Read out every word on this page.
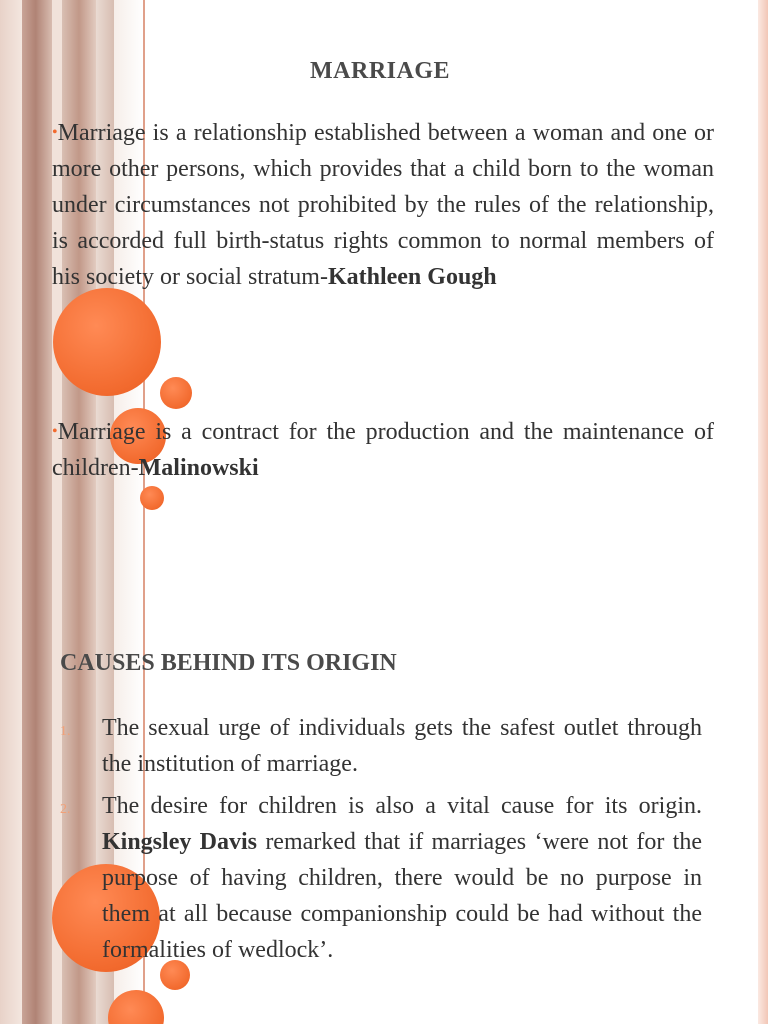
MARRIAGE

•Marriage is a relationship established between a woman and one or more other persons, which provides that a child born to the woman under circumstances not prohibited by the rules of the relationship, is accorded full birth-status rights common to normal members of his society or social stratum-Kathleen Gough

•Marriage is a contract for the production and the maintenance of children-Malinowski

CAUSES BEHIND ITS ORIGIN
1. The sexual urge of individuals gets the safest outlet through the institution of marriage.
2. The desire for children is also a vital cause for its origin. Kingsley Davis remarked that if marriages ‘were not for the purpose of having children, there would be no purpose in them at all because companionship could be had without the formalities of wedlock’.
